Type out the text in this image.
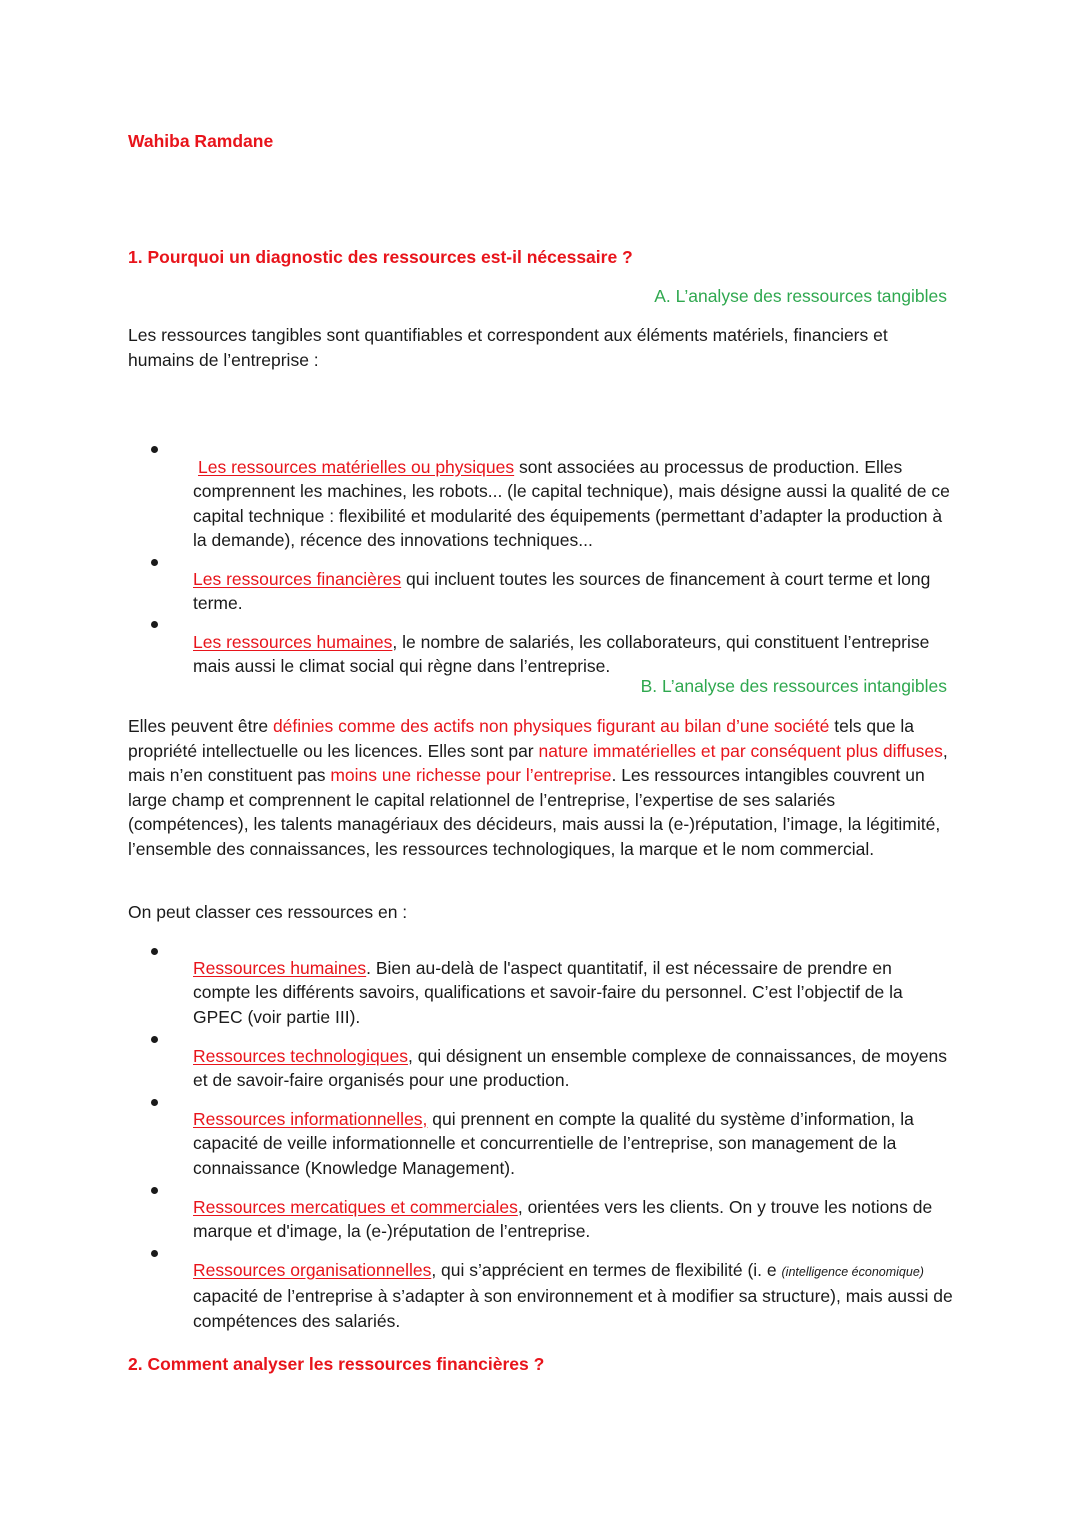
Wahiba Ramdane
1. Pourquoi un diagnostic des ressources est-il nécessaire ?
A. L’analyse des ressources tangibles

Les ressources tangibles sont quantifiables et correspondent aux éléments matériels, financiers et humains de l’entreprise :

Les ressources matérielles ou physiques sont associées au processus de production. Elles comprennent les machines, les robots... (le capital technique), mais désigne aussi la qualité de ce capital technique : flexibilité et modularité des équipements (permettant d’adapter la production à la demande), récence des innovations techniques...

Les ressources financières qui incluent toutes les sources de financement à court terme et long terme.

Les ressources humaines, le nombre de salariés, les collaborateurs, qui constituent l’entreprise mais aussi le climat social qui règne dans l’entreprise.

B. L’analyse des ressources intangibles

Elles peuvent être définies comme des actifs non physiques figurant au bilan d’une société tels que la propriété intellectuelle ou les licences. Elles sont par nature immatérielles et par conséquent plus diffuses, mais n’en constituent pas moins une richesse pour l’entreprise. Les ressources intangibles couvrent un large champ et comprennent le capital relationnel de l’entreprise, l’expertise de ses salariés (compétences), les talents managériaux des décideurs, mais aussi la (e-)réputation, l’image, la légitimité, l’ensemble des connaissances, les ressources technologiques, la marque et le nom commercial.

On peut classer ces ressources en :

Ressources humaines. Bien au-delà de l'aspect quantitatif, il est nécessaire de prendre en compte les différents savoirs, qualifications et savoir-faire du personnel. C’est l’objectif de la GPEC (voir partie III).

Ressources technologiques, qui désignent un ensemble complexe de connaissances, de moyens et de savoir-faire organisés pour une production.

Ressources informationnelles, qui prennent en compte la qualité du système d’information, la capacité de veille informationnelle et concurrentielle de l’entreprise, son management de la connaissance (Knowledge Management).

Ressources mercatiques et commerciales, orientées vers les clients. On y trouve les notions de marque et d'image, la (e-)réputation de l’entreprise.

Ressources organisationnelles, qui s’apprécient en termes de flexibilité (i. e (intelligence économique) capacité de l’entreprise à s’adapter à son environnement et à modifier sa structure), mais aussi de compétences des salariés.

2. Comment analyser les ressources financières ?
